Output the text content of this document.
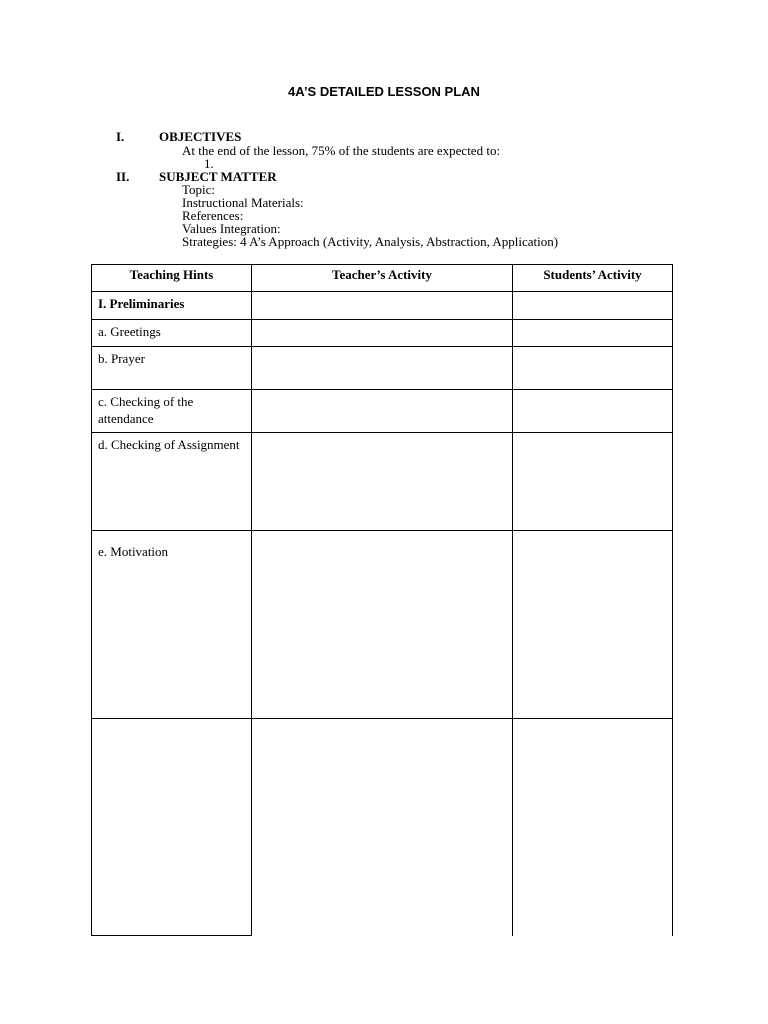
4A’S DETAILED LESSON PLAN
I.	OBJECTIVES
At the end of the lesson, 75% of the students are expected to:
1.
II. SUBJECT MATTER
Topic:
Instructional Materials:
References:
Values Integration:
Strategies: 4 A’s Approach (Activity, Analysis, Abstraction, Application)
Teaching Hints	Teacher’s Activity	Students’ Activity
I. Preliminaries		
a. Greetings		
b. Prayer		
c. Checking of the attendance		
d. Checking of Assignment		
e. Motivation		
